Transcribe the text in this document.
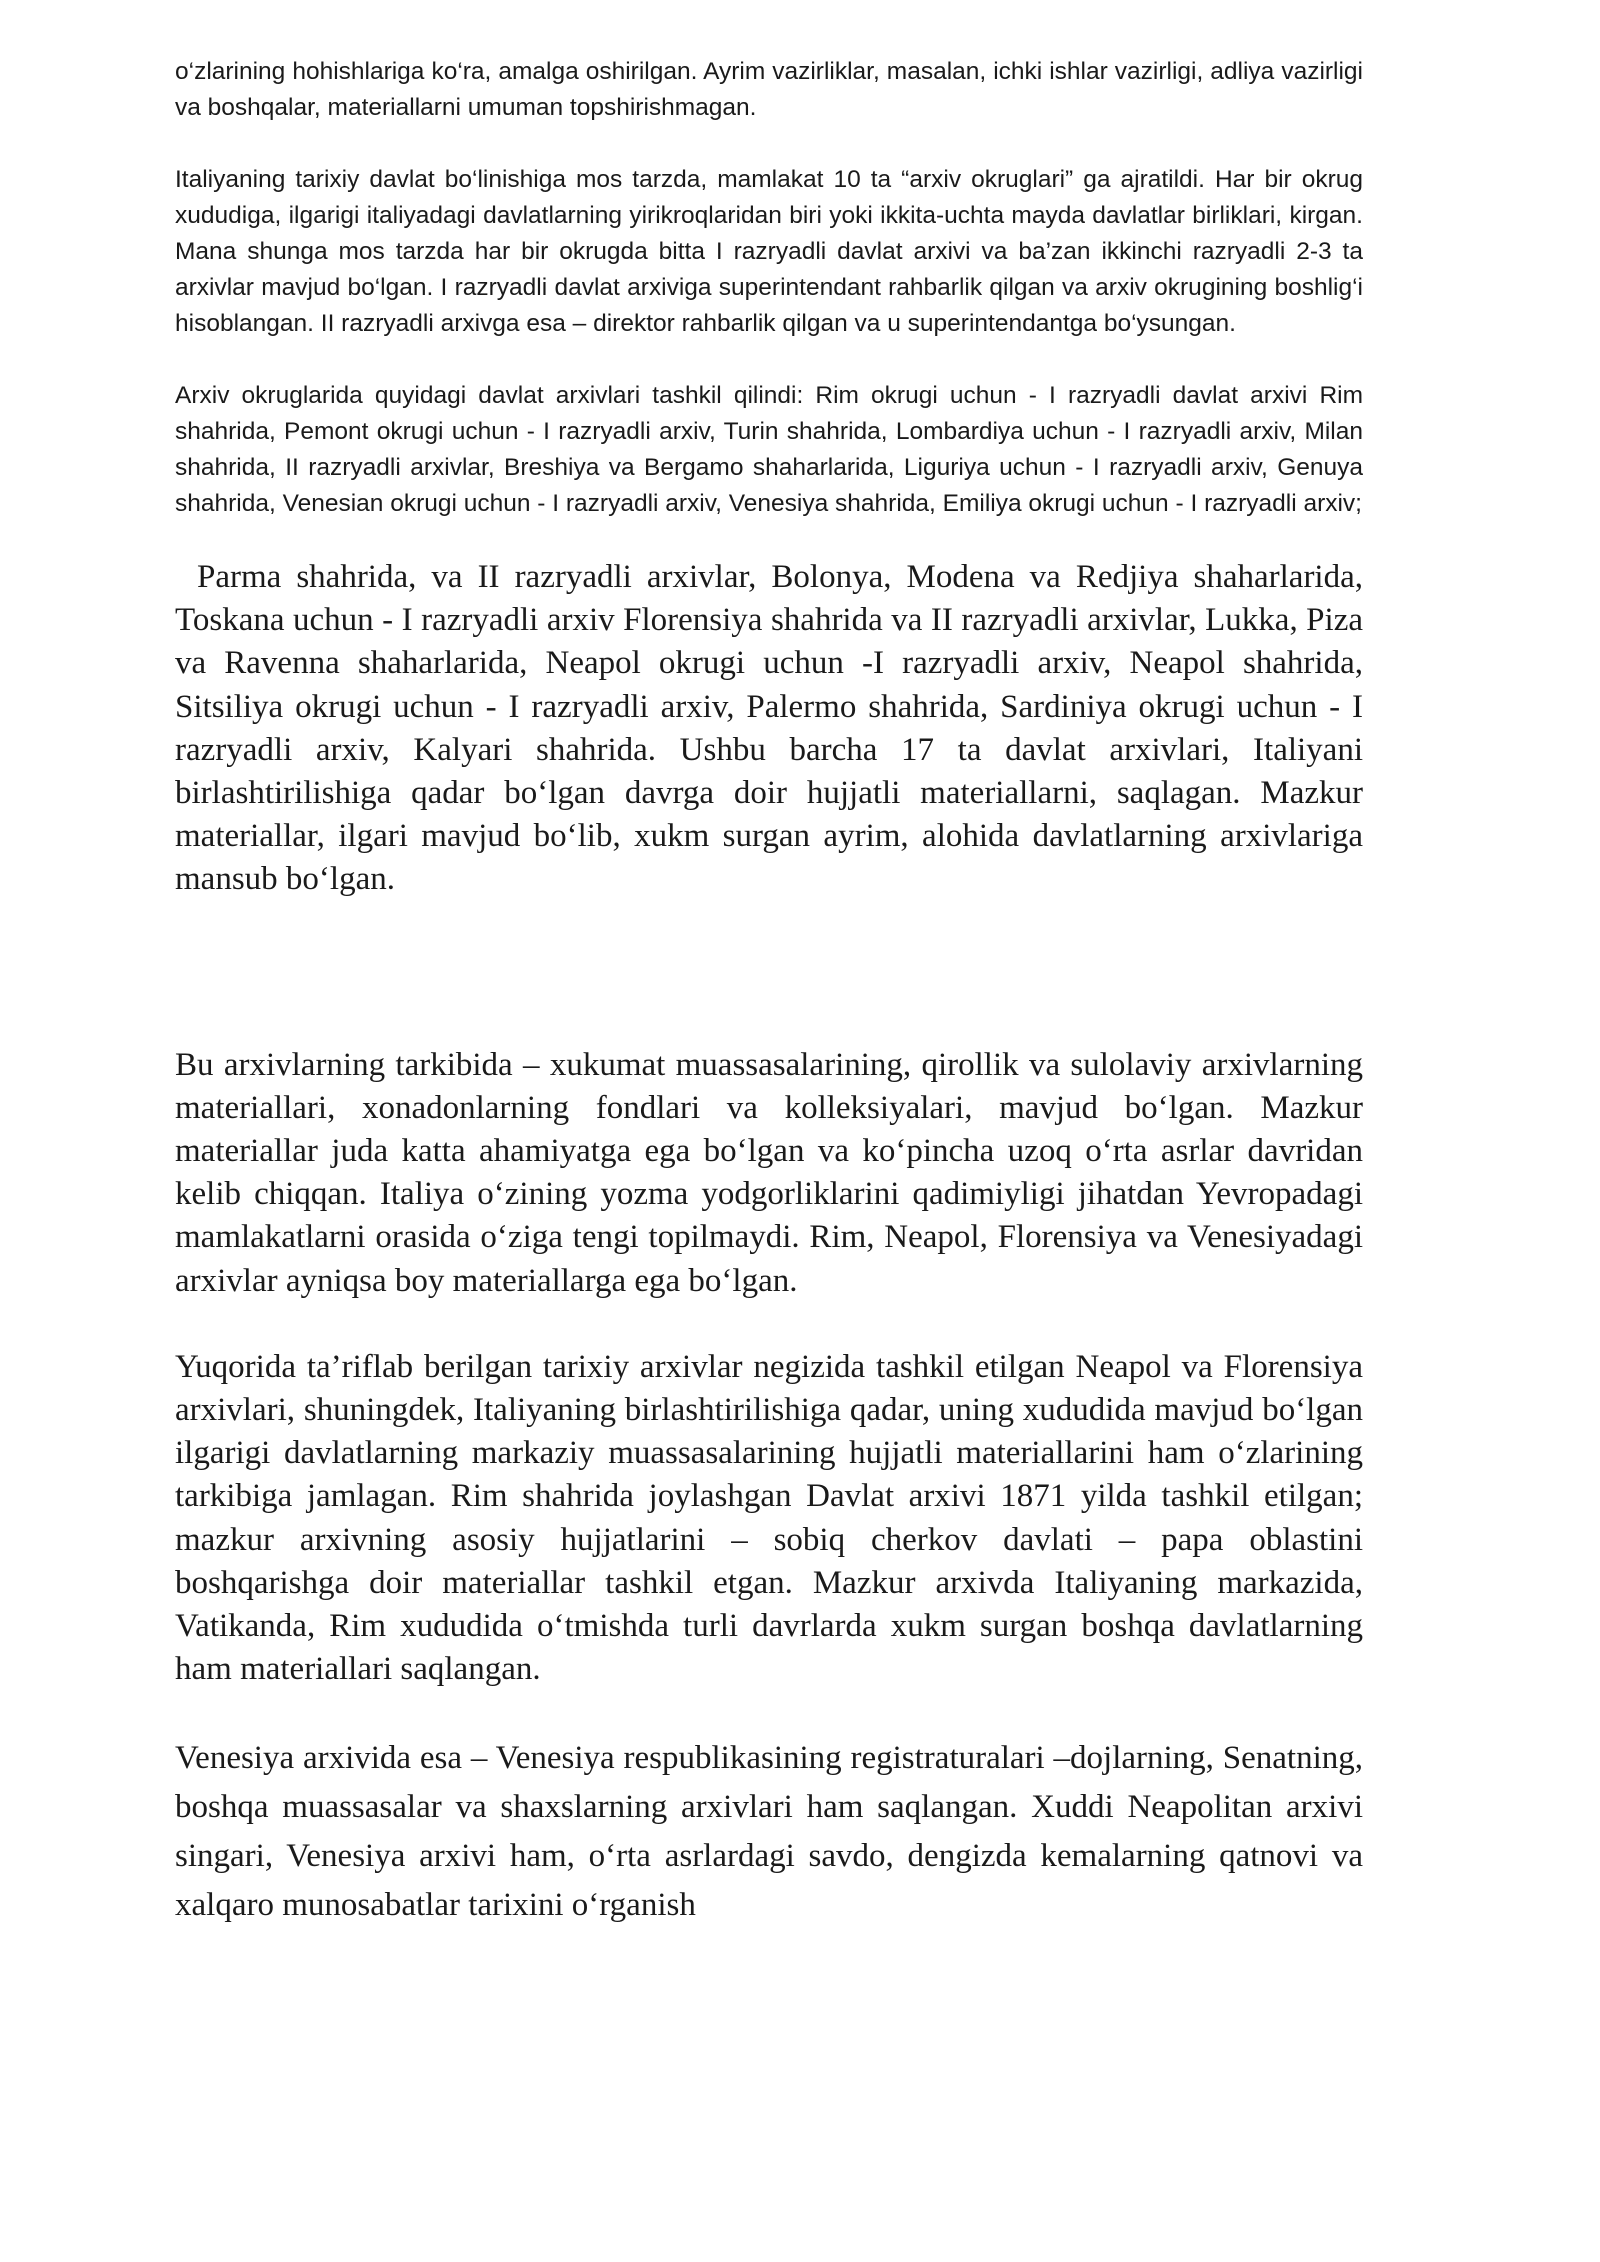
o‘zlarining hohishlariga ko‘ra, amalga oshirilgan. Ayrim vazirliklar, masalan, ichki ishlar vazirligi, adliya vazirligi va boshqalar, materiallarni umuman topshirishmagan.

Italiyaning tarixiy davlat bo‘linishiga mos tarzda, mamlakat 10 ta “arxiv okruglari” ga ajratildi. Har bir okrug xududiga, ilgarigi italiyadagi davlatlarning yirikroqlaridan biri yoki ikkita-uchta mayda davlatlar birliklari, kirgan. Mana shunga mos tarzda har bir okrugda bitta I razryadli davlat arxivi va ba’zan ikkinchi razryadli 2-3 ta arxivlar mavjud bo‘lgan. I razryadli davlat arxiviga superintendant rahbarlik qilgan va arxiv okrugining boshlig‘i hisoblangan. II razryadli arxivga esa – direktor rahbarlik qilgan va u superintendantga bo‘ysungan.

Arxiv okruglarida quyidagi davlat arxivlari tashkil qilindi: Rim okrugi uchun - I razryadli davlat arxivi Rim shahrida, Pemont okrugi uchun - I razryadli arxiv, Turin shahrida, Lombardiya uchun - I razryadli arxiv, Milan shahrida, II razryadli arxivlar, Breshiya va Bergamo shaharlarida, Liguriya uchun - I razryadli arxiv, Genuya shahrida, Venesian okrugi uchun - I razryadli arxiv, Venesiya shahrida, Emiliya okrugi uchun - I razryadli arxiv;

Parma shahrida, va II razryadli arxivlar, Bolonya, Modena va Redjiya shaharlarida, Toskana uchun - I razryadli arxiv Florensiya shahrida va II razryadli arxivlar, Lukka, Piza va Ravenna shaharlarida, Neapol okrugi uchun -I razryadli arxiv, Neapol shahrida, Sitsiliya okrugi uchun - I razryadli arxiv, Palermo shahrida, Sardiniya okrugi uchun - I razryadli arxiv, Kalyari shahrida. Ushbu barcha 17 ta davlat arxivlari, Italiyani birlashtirilishiga qadar bo‘lgan davrga doir hujjatli materiallarni, saqlagan. Mazkur materiallar, ilgari mavjud bo‘lib, xukm surgan ayrim, alohida davlatlarning arxivlariga mansub bo‘lgan.

Bu arxivlarning tarkibida – xukumat muassasalarining, qirollik va sulolaviy arxivlarning materiallari, xonadonlarning fondlari va kolleksiyalari, mavjud bo‘lgan. Mazkur materiallar juda katta ahamiyatga ega bo‘lgan va ko‘pincha uzoq o‘rta asrlar davridan kelib chiqqan. Italiya o‘zining yozma yodgorliklarini qadimiyligi jihatdan Yevropadagi mamlakatlarni orasida o‘ziga tengi topilmaydi. Rim, Neapol, Florensiya va Venesiyadagi arxivlar ayniqsa boy materiallarga ega bo‘lgan.

Yuqorida ta’riflab berilgan tarixiy arxivlar negizida tashkil etilgan Neapol va Florensiya arxivlari, shuningdek, Italiyaning birlashtirilishiga qadar, uning xududida mavjud bo‘lgan ilgarigi davlatlarning markaziy muassasalarining hujjatli materiallarini ham o‘zlarining tarkibiga jamlagan. Rim shahrida joylashgan Davlat arxivi 1871 yilda tashkil etilgan; mazkur arxivning asosiy hujjatlarini – sobiq cherkov davlati – papa oblastini boshqarishga doir materiallar tashkil etgan. Mazkur arxivda Italiyaning markazida, Vatikanda, Rim xududida o‘tmishda turli davrlarda xukm surgan boshqa davlatlarning ham materiallari saqlangan.

Venesiya arxivida esa – Venesiya respublikasining registraturalari –dojlarning, Senatning, boshqa muassasalar va shaxslarning arxivlari ham saqlangan. Xuddi Neapolitan arxivi singari, Venesiya arxivi ham, o‘rta asrlardagi savdo, dengizda kemalarning qatnovi va xalqaro munosabatlar tarixini o‘rganish
